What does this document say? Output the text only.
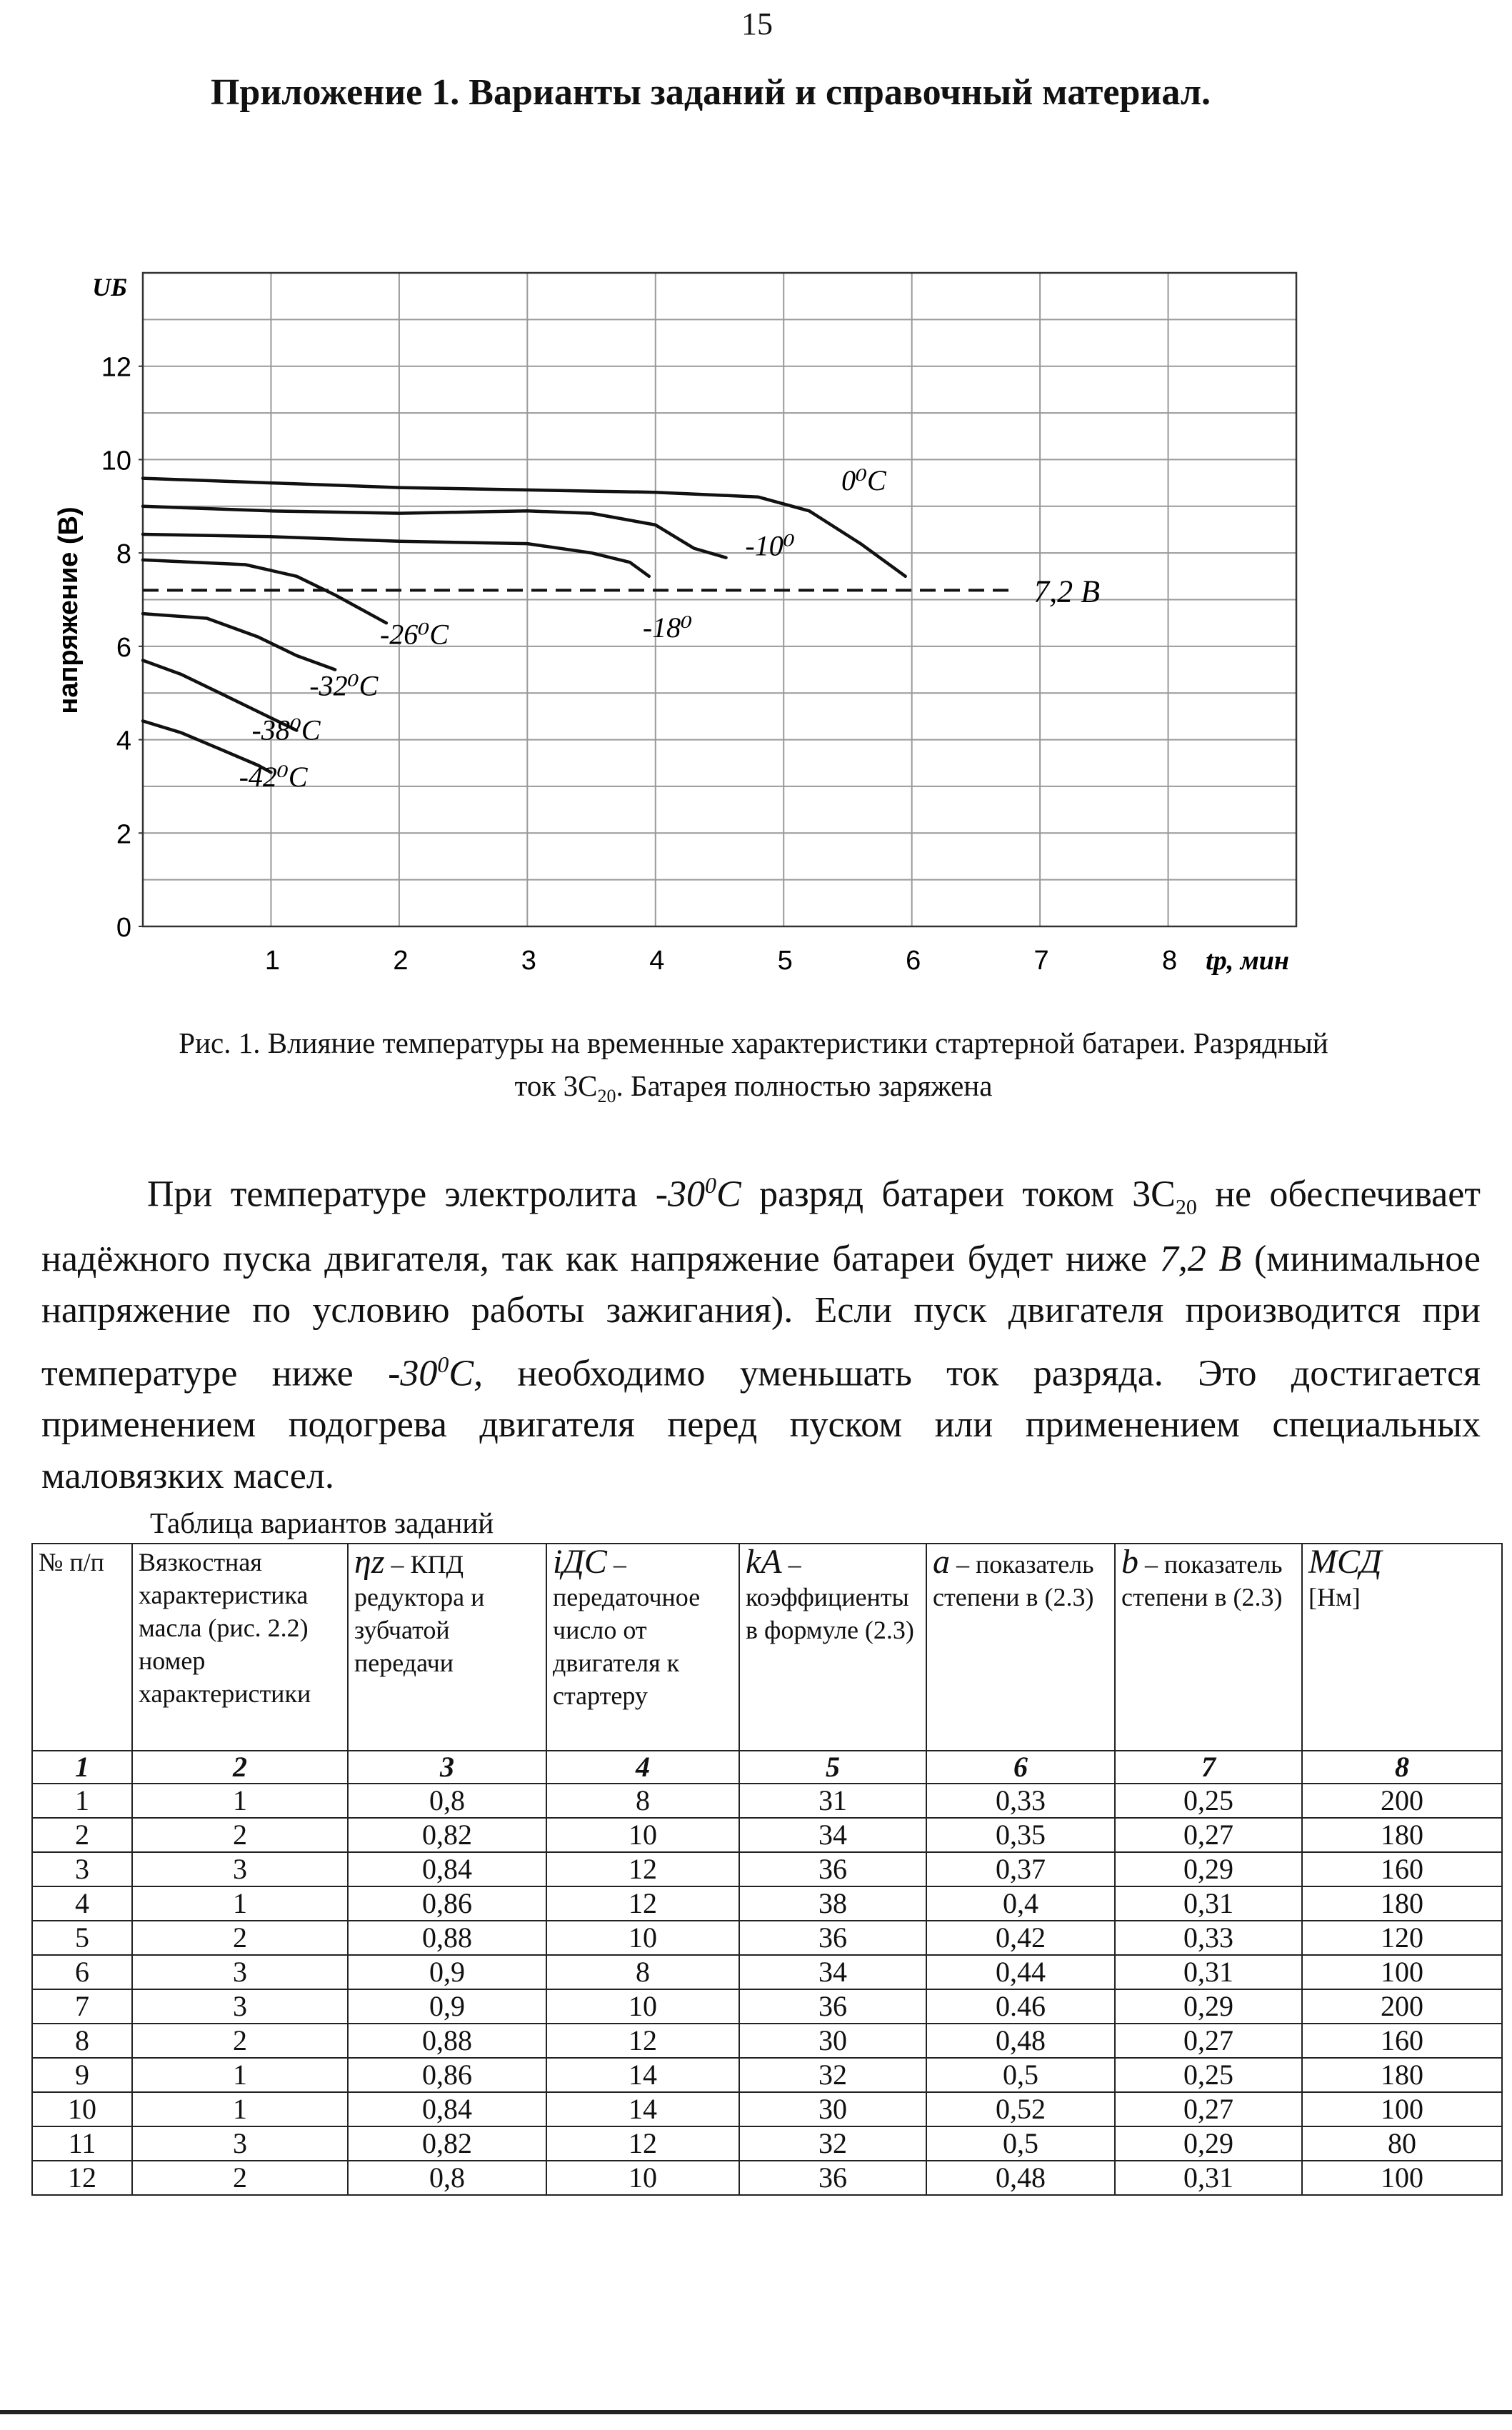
15
Приложение 1. Варианты заданий и справочный материал.
0
2
4
6
8
10
12
1	2	3	4	5	6	7	8
напряжение (В)
UБ
tр, мин
7,2 В
0⁰C
-10⁰
-18⁰
-26⁰C
-32⁰C
-38⁰C
-42⁰C
Рис. 1. Влияние температуры на временные характеристики стартерной батареи. Разрядный
ток $3C_{20}$. Батарея полностью заряжена
При температуре электролита $-30^0C$ разряд батареи током $3C_{20}$ не обеспечивает надёжного пуска двигателя, так как напряжение батареи будет ниже 7,2 В (минимальное напряжение по условию работы зажигания). Если пуск двигателя производится при температуре ниже $-30^0C$, необходимо уменьшать ток разряда. Это достигается применением подогрева двигателя перед пуском или применением специальных маловязких масел.
Таблица вариантов заданий
№ п/п	Вязкостная характеристика масла (рис. 2.2) номер характеристики	ηz – КПД редуктора и зубчатой передачи	iДС – передаточное число от двигателя к стартеру	kA – коэффициенты в формуле (2.3)	a – показатель степени в (2.3)	b – показатель степени в (2.3)	MСД
[Нм]
1	2	3	4	5	6	7	8
1	1	0,8	8	31	0,33	0,25	200
2	2	0,82	10	34	0,35	0,27	180
3	3	0,84	12	36	0,37	0,29	160
4	1	0,86	12	38	0,4	0,31	180
5	2	0,88	10	36	0,42	0,33	120
6	3	0,9	8	34	0,44	0,31	100
7	3	0,9	10	36	0.46	0,29	200
8	2	0,88	12	30	0,48	0,27	160
9	1	0,86	14	32	0,5	0,25	180
10	1	0,84	14	30	0,52	0,27	100
11	3	0,82	12	32	0,5	0,29	80
12	2	0,8	10	36	0,48	0,31	100
